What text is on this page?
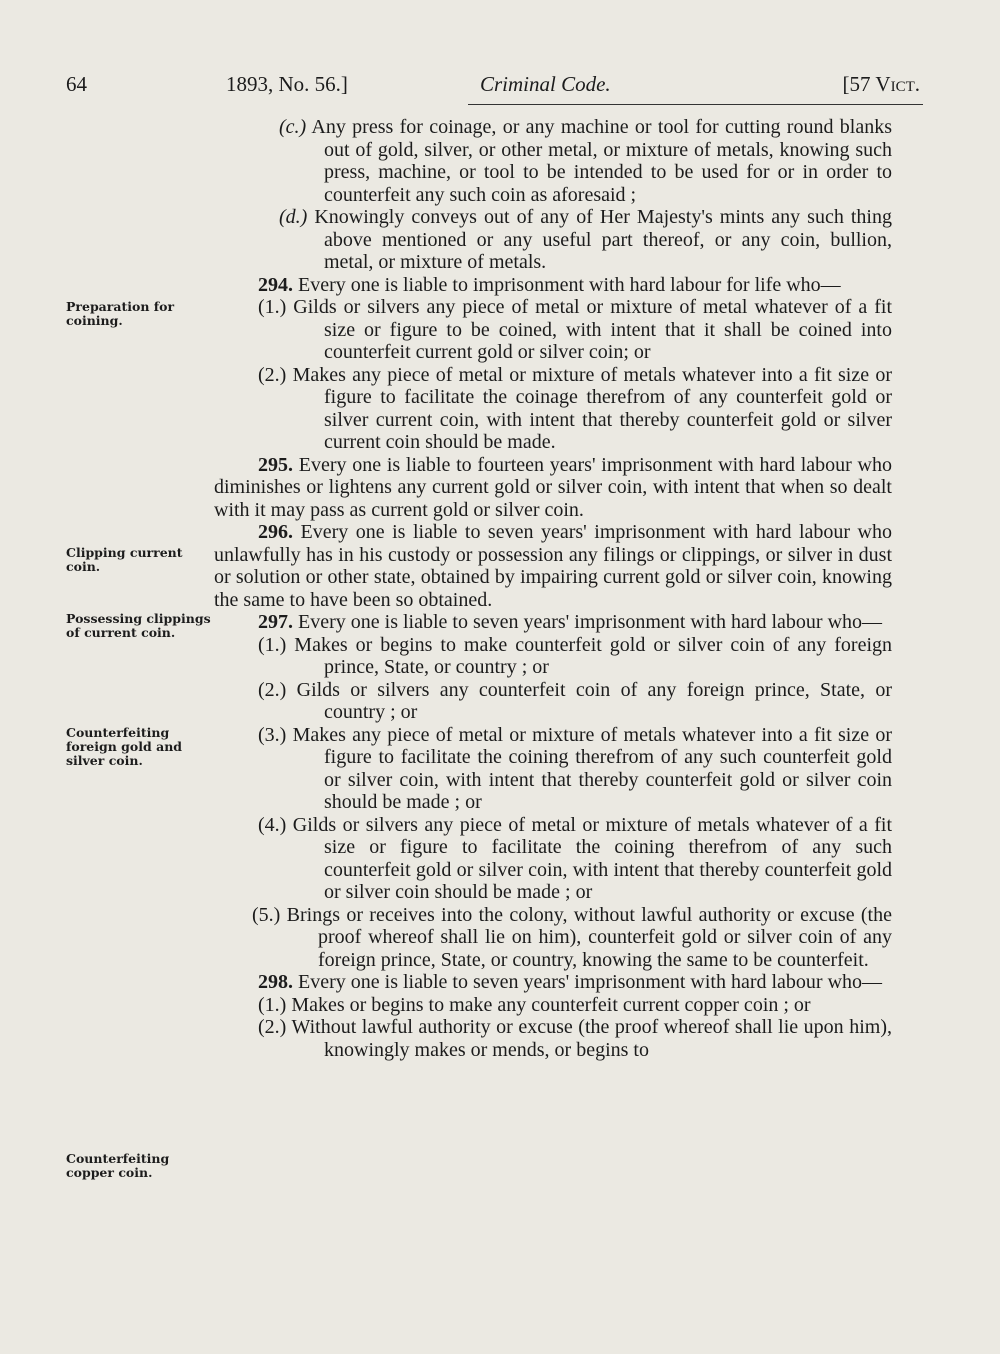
64	1893, No. 56.]	Criminal Code.	[57 Vict.
Preparation for coining.
Clipping current coin.
Possessing clippings of current coin.
Counterfeiting foreign gold and silver coin.
Counterfeiting copper coin.

(c.) Any press for coinage, or any machine or tool for cutting round blanks out of gold, silver, or other metal, or mixture of metals, knowing such press, machine, or tool to be intended to be used for or in order to counterfeit any such coin as aforesaid ;

(d.) Knowingly conveys out of any of Her Majesty's mints any such thing above mentioned or any useful part thereof, or any coin, bullion, metal, or mixture of metals.

294. Every one is liable to imprisonment with hard labour for life who—

(1.) Gilds or silvers any piece of metal or mixture of metal whatever of a fit size or figure to be coined, with intent that it shall be coined into counterfeit current gold or silver coin; or

(2.) Makes any piece of metal or mixture of metals whatever into a fit size or figure to facilitate the coinage therefrom of any counterfeit gold or silver current coin, with intent that thereby counterfeit gold or silver current coin should be made.

295. Every one is liable to fourteen years' imprisonment with hard labour who diminishes or lightens any current gold or silver coin, with intent that when so dealt with it may pass as current gold or silver coin.

296. Every one is liable to seven years' imprisonment with hard labour who unlawfully has in his custody or possession any filings or clippings, or silver in dust or solution or other state, obtained by impairing current gold or silver coin, knowing the same to have been so obtained.

297. Every one is liable to seven years' imprisonment with hard labour who—

(1.) Makes or begins to make counterfeit gold or silver coin of any foreign prince, State, or country ; or

(2.) Gilds or silvers any counterfeit coin of any foreign prince, State, or country ; or

(3.) Makes any piece of metal or mixture of metals whatever into a fit size or figure to facilitate the coining therefrom of any such counterfeit gold or silver coin, with intent that thereby counterfeit gold or silver coin should be made ; or

(4.) Gilds or silvers any piece of metal or mixture of metals whatever of a fit size or figure to facilitate the coining therefrom of any such counterfeit gold or silver coin, with intent that thereby counterfeit gold or silver coin should be made ; or

(5.) Brings or receives into the colony, without lawful authority or excuse (the proof whereof shall lie on him), counterfeit gold or silver coin of any foreign prince, State, or country, knowing the same to be counterfeit.

298. Every one is liable to seven years' imprisonment with hard labour who—

(1.) Makes or begins to make any counterfeit current copper coin ; or

(2.) Without lawful authority or excuse (the proof whereof shall lie upon him), knowingly makes or mends, or begins to
